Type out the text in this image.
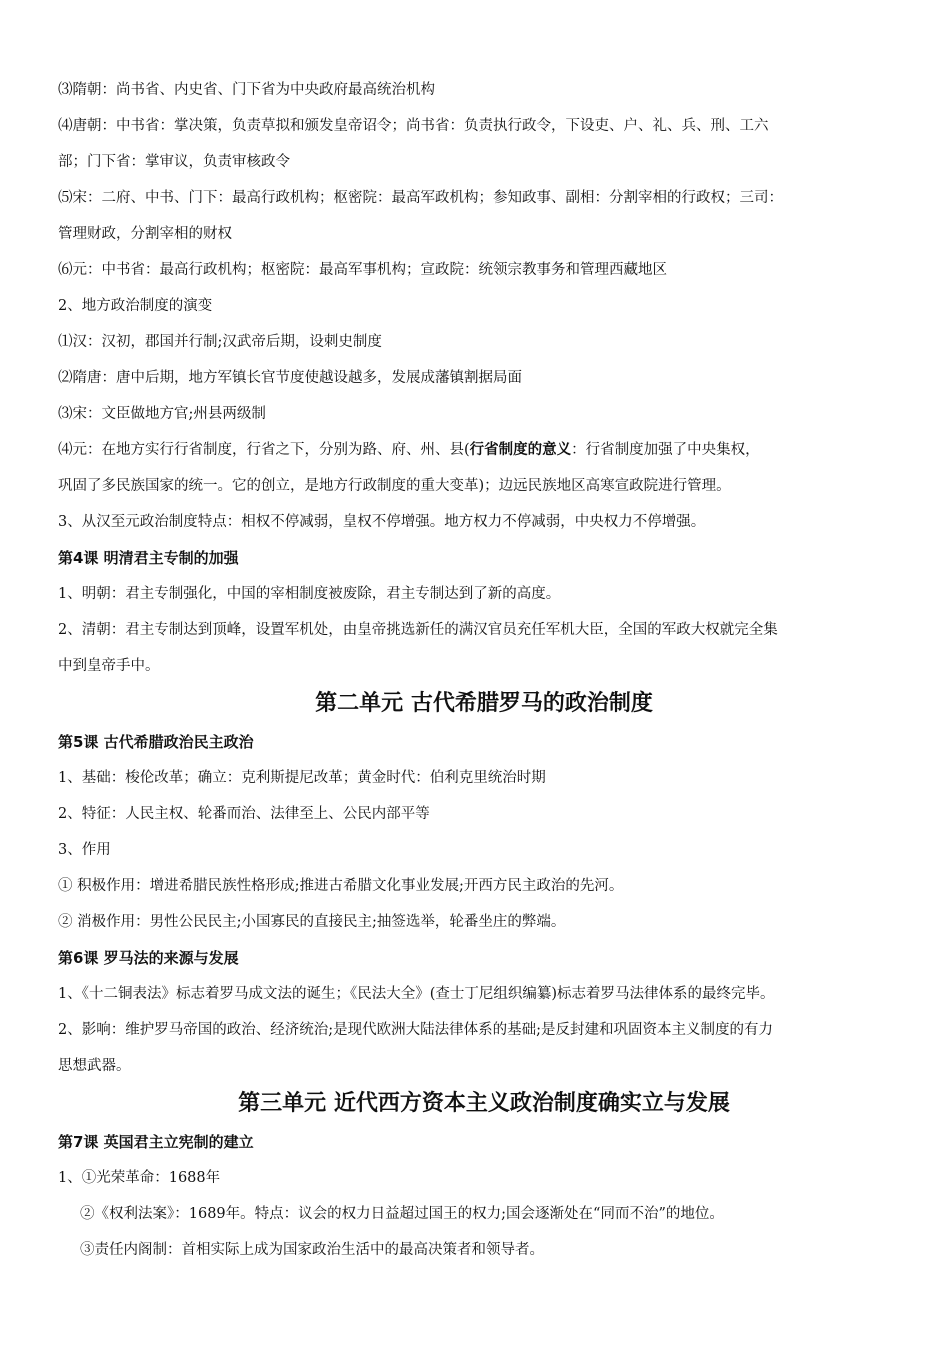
⑶隋朝：尚书省、内史省、门下省为中央政府最高统治机构
⑷唐朝：中书省：掌决策，负责草拟和颁发皇帝诏令；尚书省：负责执行政令，下设吏、户、礼、兵、刑、工六
部；门下省：掌审议，负责审核政令
⑸宋：二府、中书、门下：最高行政机构；枢密院：最高军政机构；参知政事、副相：分割宰相的行政权；三司：
管理财政，分割宰相的财权
⑹元：中书省：最高行政机构；枢密院：最高军事机构；宣政院：统领宗教事务和管理西藏地区
2、地方政治制度的演变
⑴汉：汉初，郡国并行制;汉武帝后期，设刺史制度
⑵隋唐：唐中后期，地方军镇长官节度使越设越多，发展成藩镇割据局面
⑶宋：文臣做地方官;州县两级制
⑷元：在地方实行行省制度，行省之下，分别为路、府、州、县(行省制度的意义：行省制度加强了中央集权，
巩固了多民族国家的统一。它的创立，是地方行政制度的重大变革)；边远民族地区高寒宣政院进行管理。
3、从汉至元政治制度特点：相权不停减弱，皇权不停增强。地方权力不停减弱，中央权力不停增强。
第4课 明清君主专制的加强
1、明朝：君主专制强化，中国的宰相制度被废除，君主专制达到了新的高度。
2、清朝：君主专制达到顶峰，设置军机处，由皇帝挑选新任的满汉官员充任军机大臣，全国的军政大权就完全集
中到皇帝手中。
第二单元 古代希腊罗马的政治制度
第5课 古代希腊政治民主政治
1、基础：梭伦改革；确立：克利斯提尼改革；黄金时代：伯利克里统治时期
2、特征：人民主权、轮番而治、法律至上、公民内部平等
3、作用
① 积极作用：增进希腊民族性格形成;推进古希腊文化事业发展;开西方民主政治的先河。
② 消极作用：男性公民民主;小国寡民的直接民主;抽签选举，轮番坐庄的弊端。
第6课 罗马法的来源与发展
1、《十二铜表法》标志着罗马成文法的诞生；《民法大全》(查士丁尼组织编纂)标志着罗马法律体系的最终完毕。
2、影响：维护罗马帝国的政治、经济统治;是现代欧洲大陆法律体系的基础;是反封建和巩固资本主义制度的有力
思想武器。
第三单元 近代西方资本主义政治制度确实立与发展
第7课 英国君主立宪制的建立
1、①光荣革命：1688年
②《权利法案》：1689年。特点：议会的权力日益超过国王的权力;国会逐渐处在“同而不治”的地位。
③责任内阁制：首相实际上成为国家政治生活中的最高决策者和领导者。
